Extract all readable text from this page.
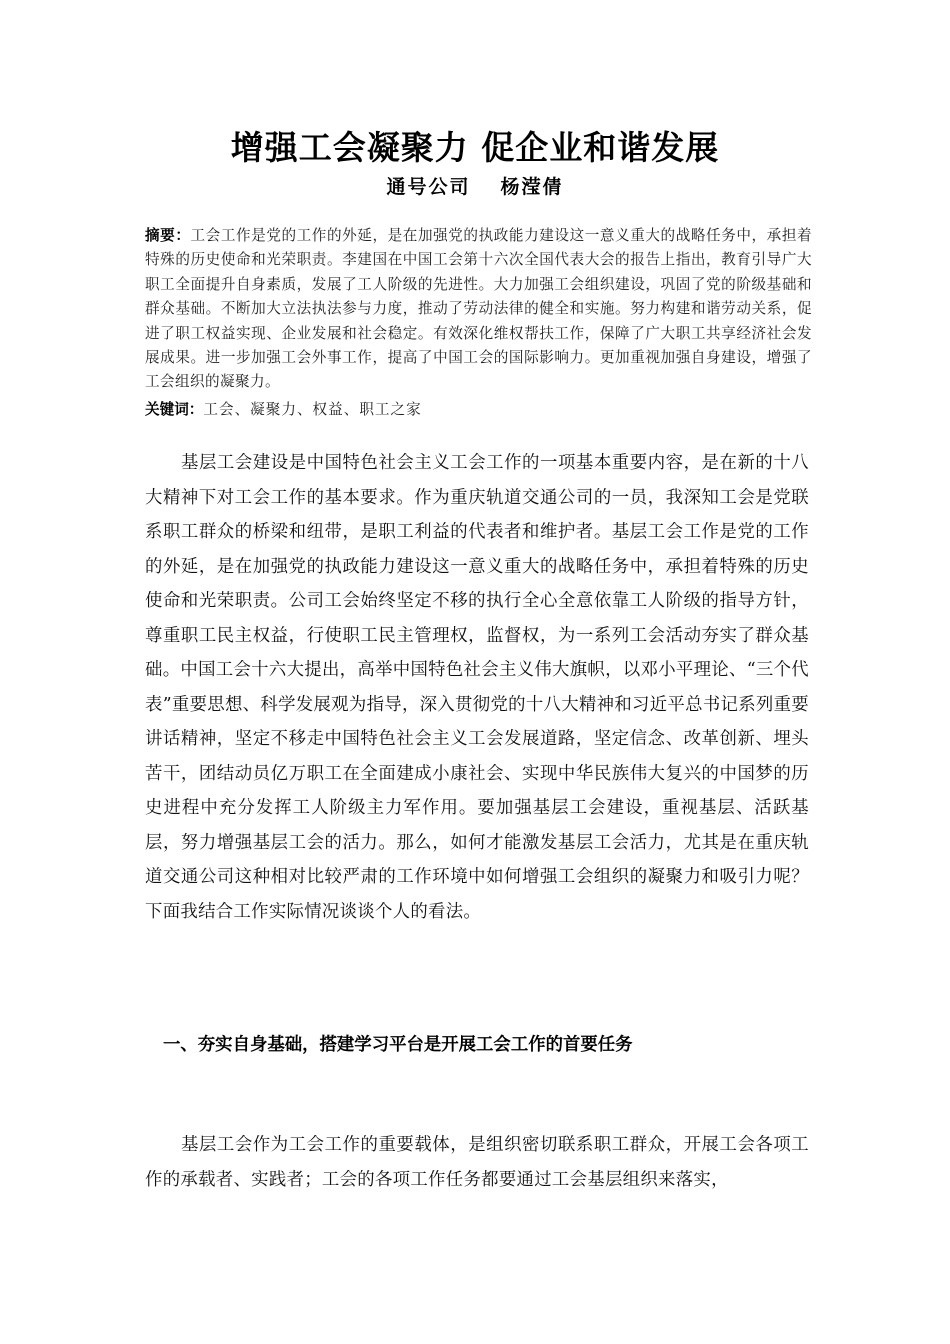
增强工会凝聚力 促企业和谐发展
通号公司 杨滢倩
摘要：工会工作是党的工作的外延，是在加强党的执政能力建设这一意义重大的战略任务中，承担着特殊的历史使命和光荣职责。李建国在中国工会第十六次全国代表大会的报告上指出，教育引导广大职工全面提升自身素质，发展了工人阶级的先进性。大力加强工会组织建设，巩固了党的阶级基础和群众基础。不断加大立法执法参与力度，推动了劳动法律的健全和实施。努力构建和谐劳动关系，促进了职工权益实现、企业发展和社会稳定。有效深化维权帮扶工作，保障了广大职工共享经济社会发展成果。进一步加强工会外事工作，提高了中国工会的国际影响力。更加重视加强自身建设，增强了工会组织的凝聚力。
关键词：工会、凝聚力、权益、职工之家
基层工会建设是中国特色社会主义工会工作的一项基本重要内容，是在新的十八大精神下对工会工作的基本要求。作为重庆轨道交通公司的一员，我深知工会是党联系职工群众的桥梁和纽带，是职工利益的代表者和维护者。基层工会工作是党的工作的外延，是在加强党的执政能力建设这一意义重大的战略任务中，承担着特殊的历史使命和光荣职责。公司工会始终坚定不移的执行全心全意依靠工人阶级的指导方针，尊重职工民主权益，行使职工民主管理权，监督权，为一系列工会活动夯实了群众基础。中国工会十六大提出，高举中国特色社会主义伟大旗帜，以邓小平理论、“三个代表”重要思想、科学发展观为指导，深入贯彻党的十八大精神和习近平总书记系列重要讲话精神，坚定不移走中国特色社会主义工会发展道路，坚定信念、改革创新、埋头苦干，团结动员亿万职工在全面建成小康社会、实现中华民族伟大复兴的中国梦的历史进程中充分发挥工人阶级主力军作用。要加强基层工会建设，重视基层、活跃基层，努力增强基层工会的活力。那么，如何才能激发基层工会活力，尤其是在重庆轨道交通公司这种相对比较严肃的工作环境中如何增强工会组织的凝聚力和吸引力呢？下面我结合工作实际情况谈谈个人的看法。
一、夯实自身基础，搭建学习平台是开展工会工作的首要任务
基层工会作为工会工作的重要载体，是组织密切联系职工群众，开展工会各项工作的承载者、实践者；工会的各项工作任务都要通过工会基层组织来落实，
